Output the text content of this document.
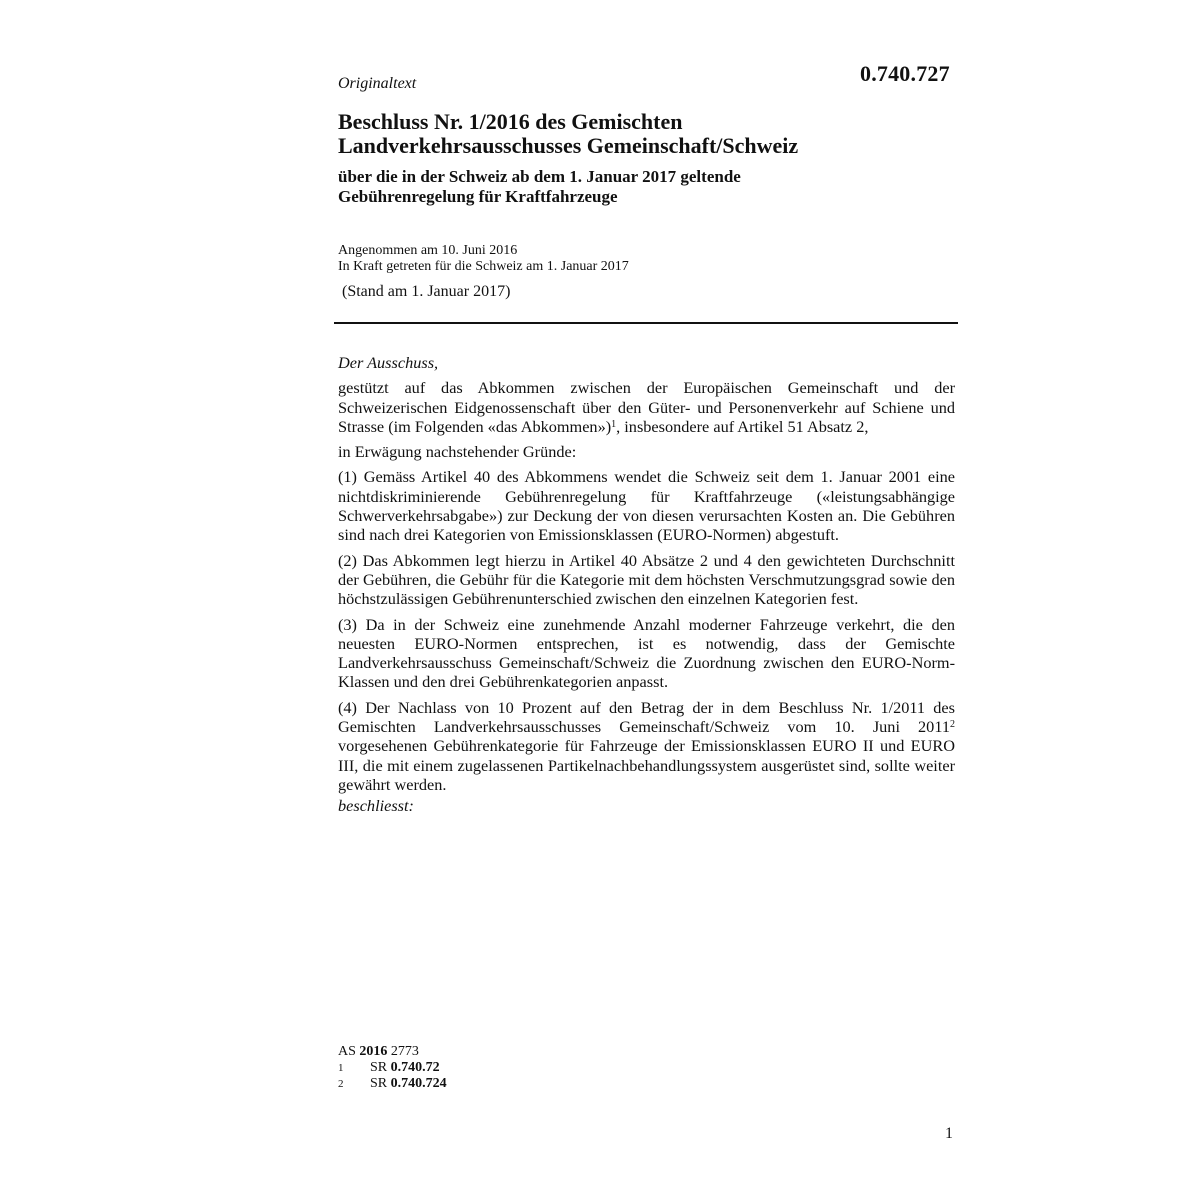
Originaltext	0.740.727
Beschluss Nr. 1/2016 des Gemischten
Landverkehrsausschusses Gemeinschaft/Schweiz
über die in der Schweiz ab dem 1. Januar 2017 geltende
Gebührenregelung für Kraftfahrzeuge
Angenommen am 10. Juni 2016
In Kraft getreten für die Schweiz am 1. Januar 2017
(Stand am 1. Januar 2017)

Der Ausschuss,

gestützt auf das Abkommen zwischen der Europäischen Gemeinschaft und der Schweizerischen Eidgenossenschaft über den Güter- und Personenverkehr auf Schiene und Strasse (im Folgenden «das Abkommen»)$^1$, insbesondere auf Artikel 51 Absatz 2,

in Erwägung nachstehender Gründe:

(1) Gemäss Artikel 40 des Abkommens wendet die Schweiz seit dem 1. Januar 2001 eine nichtdiskriminierende Gebührenregelung für Kraftfahrzeuge («leistungsabhängige Schwerverkehrsabgabe») zur Deckung der von diesen verursachten Kosten an. Die Gebühren sind nach drei Kategorien von Emissionsklassen (EURO-Normen) abgestuft.

(2) Das Abkommen legt hierzu in Artikel 40 Absätze 2 und 4 den gewichteten Durchschnitt der Gebühren, die Gebühr für die Kategorie mit dem höchsten Verschmutzungsgrad sowie den höchstzulässigen Gebührenunterschied zwischen den einzelnen Kategorien fest.

(3) Da in der Schweiz eine zunehmende Anzahl moderner Fahrzeuge verkehrt, die den neuesten EURO-Normen entsprechen, ist es notwendig, dass der Gemischte Landverkehrsausschuss Gemeinschaft/Schweiz die Zuordnung zwischen den EURO-Norm-Klassen und den drei Gebührenkategorien anpasst.

(4) Der Nachlass von 10 Prozent auf den Betrag der in dem Beschluss Nr. 1/2011 des Gemischten Landverkehrsausschusses Gemeinschaft/Schweiz vom 10. Juni 2011$^2$ vorgesehenen Gebührenkategorie für Fahrzeuge der Emissionsklassen EURO II und EURO III, die mit einem zugelassenen Partikelnachbehandlungssystem ausgerüstet sind, sollte weiter gewährt werden.

beschliesst:

AS 2016 2773
1	SR 0.740.72
2	SR 0.740.724
1
